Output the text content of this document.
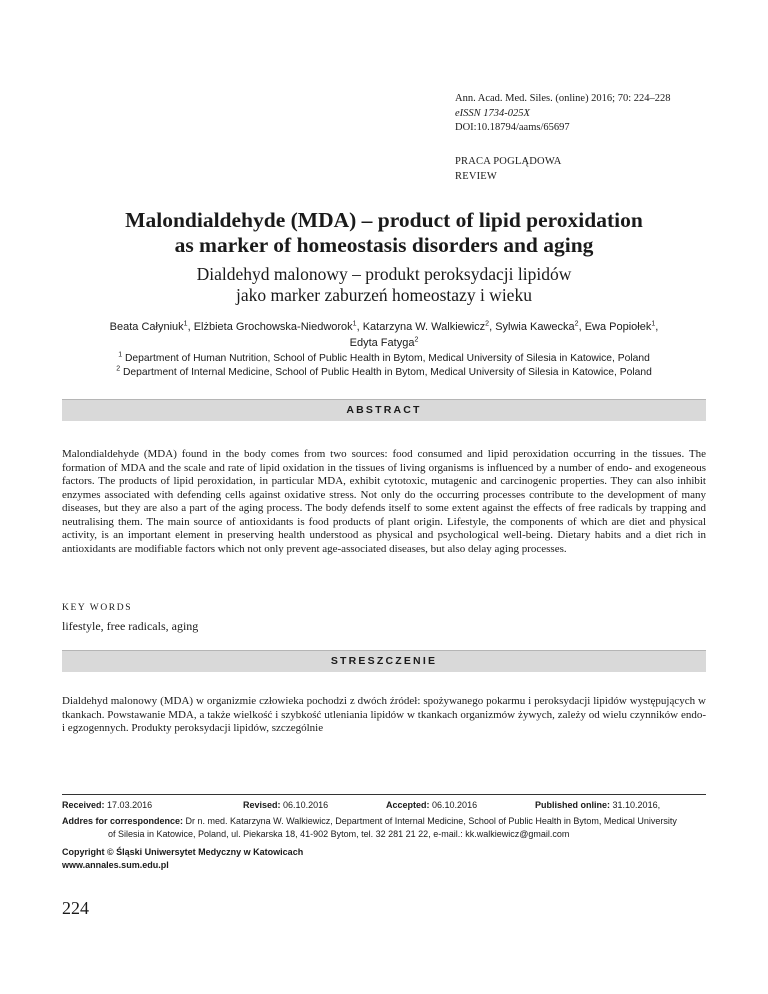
Ann. Acad. Med. Siles. (online) 2016; 70: 224–228
eISSN 1734-025X
DOI:10.18794/aams/65697
PRACA POGLĄDOWA
REVIEW
Malondialdehyde (MDA) – product of lipid peroxidation
as marker of homeostasis disorders and aging
Dialdehyd malonowy – produkt peroksydacji lipidów
jako marker zaburzeń homeostazy i wieku
Beata Całyniuk$^1$, Elżbieta Grochowska-Niedworok$^1$, Katarzyna W. Walkiewicz$^2$, Sylwia Kawecka$^2$, Ewa Popiołek$^1$,
Edyta Fatyga$^2$
$^1$ Department of Human Nutrition, School of Public Health in Bytom, Medical University of Silesia in Katowice, Poland
$^2$ Department of Internal Medicine, School of Public Health in Bytom, Medical University of Silesia in Katowice, Poland
ABSTRACT
Malondialdehyde (MDA) found in the body comes from two sources: food consumed and lipid peroxidation occurring in the tissues. The formation of MDA and the scale and rate of lipid oxidation in the tissues of living organisms is influenced by a number of endo- and exogeneous factors. The products of lipid peroxidation, in particular MDA, exhibit cytotoxic, mutagenic and carcinogenic properties. They can also inhibit enzymes associated with defending cells against oxidative stress. Not only do the occurring processes contribute to the development of many diseases, but they are also a part of the aging process. The body defends itself to some extent against the effects of free radicals by trapping and neutralising them. The main source of antioxidants is food products of plant origin. Lifestyle, the components of which are diet and physical activity, is an important element in preserving health understood as physical and psychological well-being. Dietary habits and a diet rich in antioxidants are modifiable factors which not only prevent age-associated diseases, but also delay aging processes.
KEY WORDS
lifestyle, free radicals, aging
STRESZCZENIE
Dialdehyd malonowy (MDA) w organizmie człowieka pochodzi z dwóch źródeł: spożywanego pokarmu i peroksydacji lipidów występujących w tkankach. Powstawanie MDA, a także wielkość i szybkość utleniania lipidów w tkankach organizmów żywych, zależy od wielu czynników endo- i egzogennych. Produkty peroksydacji lipidów, szczególnie
Received: 17.03.2016	Revised: 06.10.2016	Accepted: 06.10.2016	Published online: 31.10.2016,
Addres for correspondence: Dr n. med. Katarzyna W. Walkiewicz, Department of Internal Medicine, School of Public Health in Bytom, Medical University
of Silesia in Katowice, Poland, ul. Piekarska 18, 41-902 Bytom, tel. 32 281 21 22, e-mail.: kk.walkiewicz@gmail.com
Copyright © Śląski Uniwersytet Medyczny w Katowicach
www.annales.sum.edu.pl
224
